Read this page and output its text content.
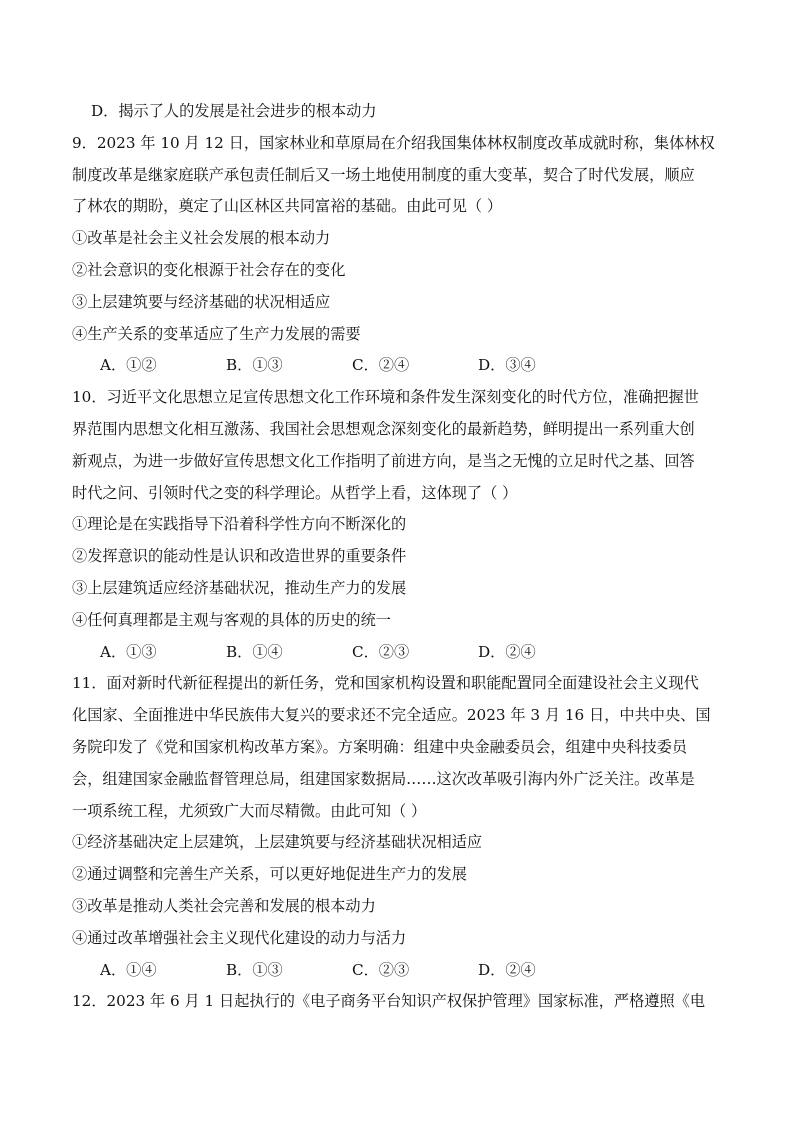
D．揭示了人的发展是社会进步的根本动力
9．2023 年 10 月 12 日，国家林业和草原局在介绍我国集体林权制度改革成就时称，集体林权
制度改革是继家庭联产承包责任制后又一场土地使用制度的重大变革，契合了时代发展，顺应
了林农的期盼，奠定了山区林区共同富裕的基础。由此可见（ ）
①改革是社会主义社会发展的根本动力
②社会意识的变化根源于社会存在的变化
③上层建筑要与经济基础的状况相适应
④生产关系的变革适应了生产力发展的需要
A．①②	B．①③	C．②④	D．③④
10．习近平文化思想立足宣传思想文化工作环境和条件发生深刻变化的时代方位，准确把握世
界范围内思想文化相互激荡、我国社会思想观念深刻变化的最新趋势，鲜明提出一系列重大创
新观点，为进一步做好宣传思想文化工作指明了前进方向，是当之无愧的立足时代之基、回答
时代之问、引领时代之变的科学理论。从哲学上看，这体现了（ ）
①理论是在实践指导下沿着科学性方向不断深化的
②发挥意识的能动性是认识和改造世界的重要条件
③上层建筑适应经济基础状况，推动生产力的发展
④任何真理都是主观与客观的具体的历史的统一
A．①③	B．①④	C．②③	D．②④
11．面对新时代新征程提出的新任务，党和国家机构设置和职能配置同全面建设社会主义现代
化国家、全面推进中华民族伟大复兴的要求还不完全适应。2023 年 3 月 16 日，中共中央、国
务院印发了《党和国家机构改革方案》。方案明确：组建中央金融委员会，组建中央科技委员
会，组建国家金融监督管理总局，组建国家数据局……这次改革吸引海内外广泛关注。改革是
一项系统工程，尤须致广大而尽精微。由此可知（ ）
①经济基础决定上层建筑，上层建筑要与经济基础状况相适应
②通过调整和完善生产关系，可以更好地促进生产力的发展
③改革是推动人类社会完善和发展的根本动力
④通过改革增强社会主义现代化建设的动力与活力
A．①④	B．①③	C．②③	D．②④
12．2023 年 6 月 1 日起执行的《电子商务平台知识产权保护管理》国家标准，严格遵照《电
